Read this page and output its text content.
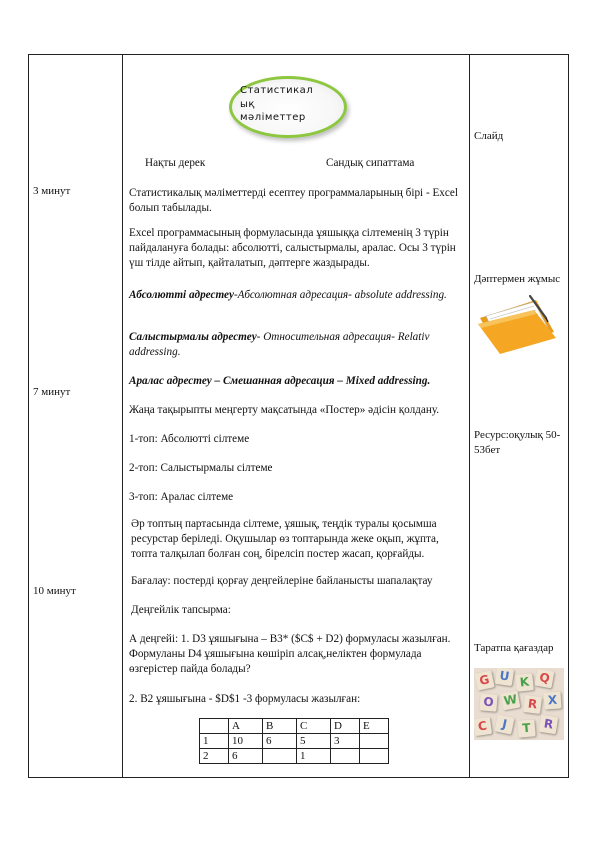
3 минут

7 минут

10 минут

Статистикал
ық
мәліметтер

Нақты дерек	Сандық сипаттама

Статистикалық мәліметтерді есептеу программаларының бірі - Excel болып табылады.

Excel программасының формуласында ұяшыққа сілтеменің 3 түрін пайдалануға болады: абсолютті, салыстырмалы, аралас. Осы 3 түрін үш тілде айтып, қайталатып, дәптерге жаздырады.

Абсолютті адрестеу-Абсолютная адресация- absolute addressing.

Салыстырмалы адрестеу- Относительная адресация- Relativ addressing.

Аралас адрестеу – Смешанная адресация – Mixed addressing.

Жаңа тақырыпты меңгерту мақсатында «Постер» әдісін қолдану.

1-топ: Абсолютті сілтеме

2-топ: Салыстырмалы сілтеме

3-топ: Аралас сілтеме

Әр топтың партасында сілтеме, ұяшық, теңдік туралы қосымша ресурстар беріледі. Оқушылар өз топтарында жеке оқып, жұпта, топта талқылап болған соң, бірелсіп постер жасап, қорғайды.

Бағалау: постерді қорғау деңгейлеріне байланысты шапалақтау

Деңгейлік тапсырма:

А деңгейі: 1. D3 ұяшығына – В3* ($C$ + D2) формуласы жазылған. Формуланы D4 ұяшығына көшіріп алсақ,неліктен формулада өзгерістер пайда болады?

2. В2 ұяшығына - $D$1 -3 формуласы жазылған:

	A	B	C	D	E
1	10	6	5	3	
2	6		1		

Слайд

Дәптермен жұмыс

Ресурс:оқулық 50-53бет

Таратпа қағаздар

G U K Q
O W R X
C	J	T R
